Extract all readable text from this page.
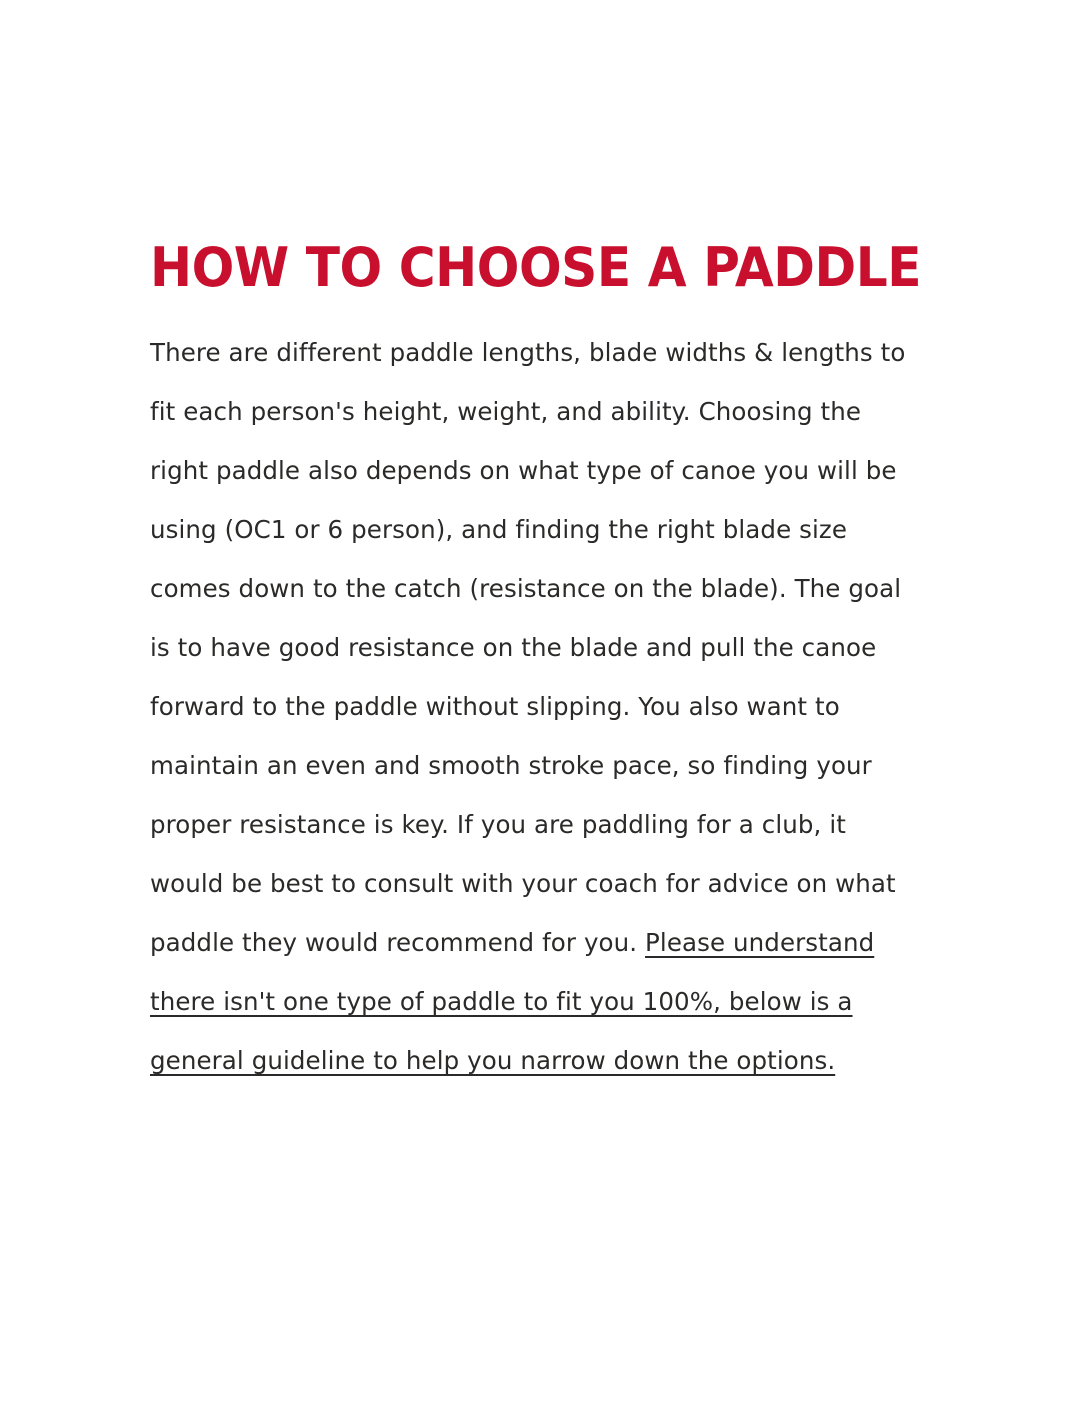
HOW TO CHOOSE A PADDLE

There are different paddle lengths, blade widths & lengths to fit each person's height, weight, and ability. Choosing the right paddle also depends on what type of canoe you will be using (OC1 or 6 person), and finding the right blade size comes down to the catch (resistance on the blade). The goal is to have good resistance on the blade and pull the canoe forward to the paddle without slipping. You also want to maintain an even and smooth stroke pace, so finding your proper resistance is key. If you are paddling for a club, it would be best to consult with your coach for advice on what paddle they would recommend for you. Please understand there isn't one type of paddle to fit you 100%, below is a general guideline to help you narrow down the options.
